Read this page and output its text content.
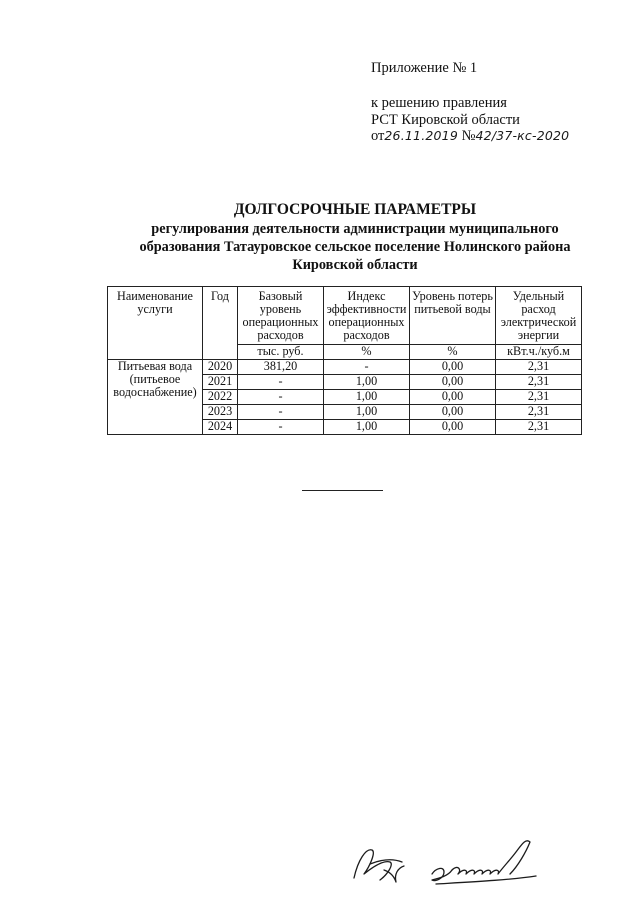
Приложение № 1
к решению правления
РСТ Кировской области
от26.11.2019 №42/37-кс-2020
ДОЛГОСРОЧНЫЕ ПАРАМЕТРЫ
регулирования деятельности администрации муниципального
образования Татауровское сельское поселение Нолинского района
Кировской области
Наименование услуги	Год	Базовый уровень операционных расходов	Индекс эффективности операционных расходов	Уровень потерь питьевой воды	Удельный расход электрической энергии
		тыс. руб.	%	%	кВт.ч./куб.м
Питьевая вода (питьевое водоснабжение)	2020	381,20	-	0,00	2,31
	2021	-	1,00	0,00	2,31
	2022	-	1,00	0,00	2,31
	2023	-	1,00	0,00	2,31
	2024	-	1,00	0,00	2,31
